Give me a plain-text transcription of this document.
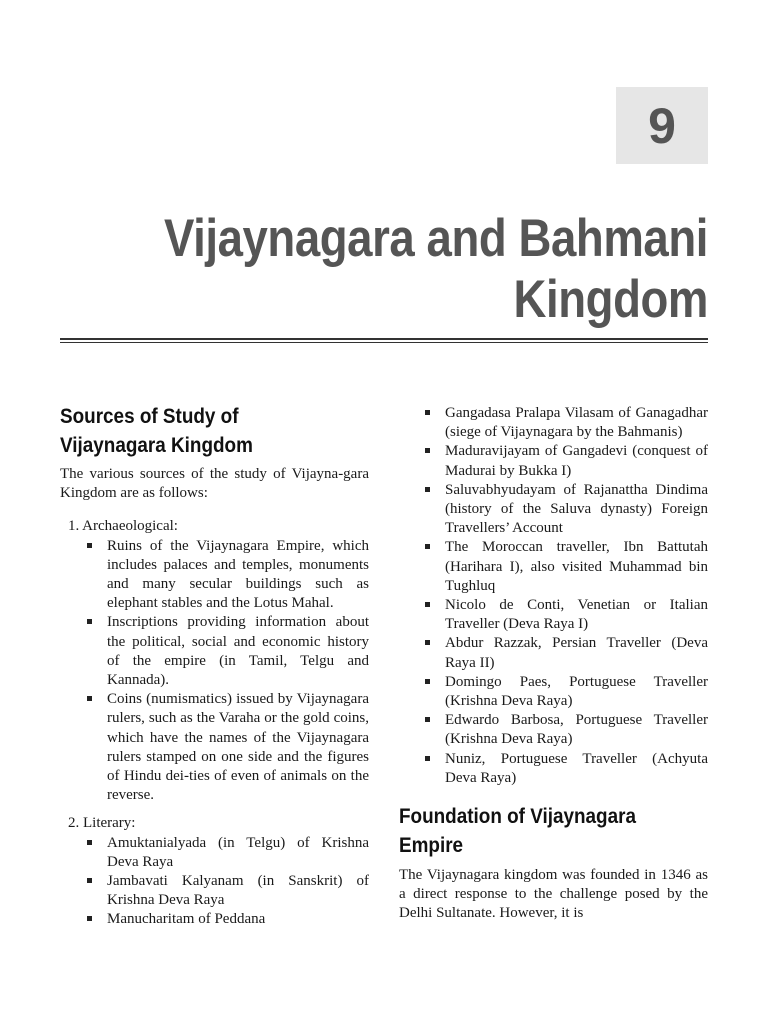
9
Vijaynagara and Bahmani
Kingdom
Sources of Study of
Vijaynagara Kingdom

The various sources of the study of Vijayna-gara Kingdom are as follows:

1. Archaeological:
Ruins of the Vijaynagara Empire, which includes palaces and temples, monuments and many secular buildings such as elephant stables and the Lotus Mahal.
Inscriptions providing information about the political, social and economic history of the empire (in Tamil, Telgu and Kannada).
Coins (numismatics) issued by Vijaynagara rulers, such as the Varaha or the gold coins, which have the names of the Vijaynagara rulers stamped on one side and the figures of Hindu dei-ties of even of animals on the reverse.
2. Literary:
Amuktanialyada (in Telgu) of Krishna Deva Raya
Jambavati Kalyanam (in Sanskrit) of Krishna Deva Raya
Manucharitam of Peddana
Gangadasa Pralapa Vilasam of Ganagadhar (siege of Vijaynagara by the Bahmanis)
Maduravijayam of Gangadevi (conquest of Madurai by Bukka I)
Saluvabhyudayam of Rajanattha Dindima (history of the Saluva dynasty) Foreign Travellers’ Account
The Moroccan traveller, Ibn Battutah (Harihara I), also visited Muhammad bin Tughluq
Nicolo de Conti, Venetian or Italian Traveller (Deva Raya I)
Abdur Razzak, Persian Traveller (Deva Raya II)
Domingo Paes, Portuguese Traveller (Krishna Deva Raya)
Edwardo Barbosa, Portuguese Traveller (Krishna Deva Raya)
Nuniz, Portuguese Traveller (Achyuta Deva Raya)
Foundation of Vijaynagara
Empire

The Vijaynagara kingdom was founded in 1346 as a direct response to the challenge posed by the Delhi Sultanate. However, it is
